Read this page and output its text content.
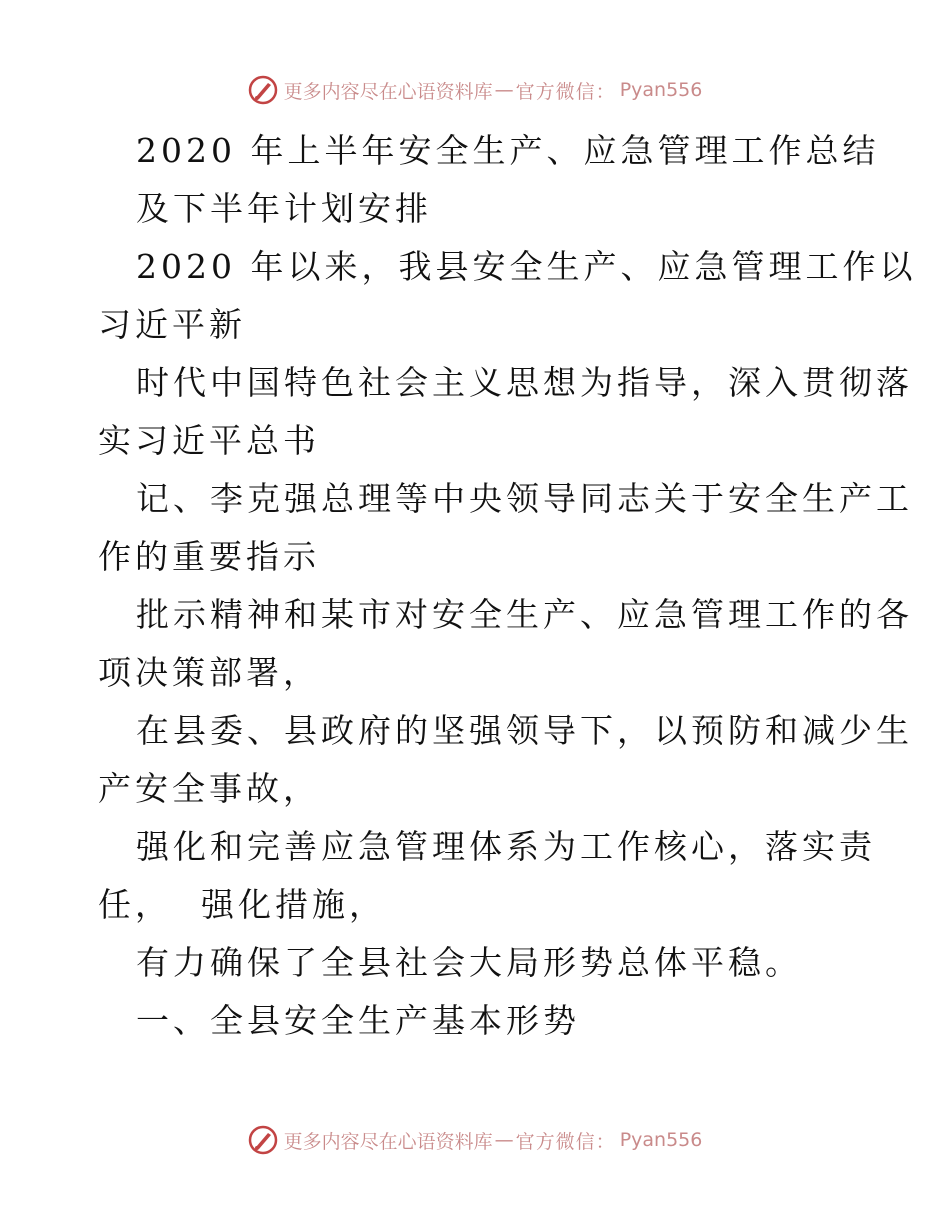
更多内容尽在心语资料库 — 官方微信： Pyan556
2020 年上半年安全生产、应急管理工作总结
及下半年计划安排
2020 年以来，我县安全生产、应急管理工作以
习近平新
时代中国特色社会主义思想为指导，深入贯彻落
实习近平总书
记、李克强总理等中央领导同志关于安全生产工
作的重要指示
批示精神和某市对安全生产、应急管理工作的各
项决策部署，
在县委、县政府的坚强领导下，以预防和减少生
产安全事故，
强化和完善应急管理体系为工作核心，落实责
任，  强化措施，
有力确保了全县社会大局形势总体平稳。
一、全县安全生产基本形势
更多内容尽在心语资料库 — 官方微信： Pyan556
